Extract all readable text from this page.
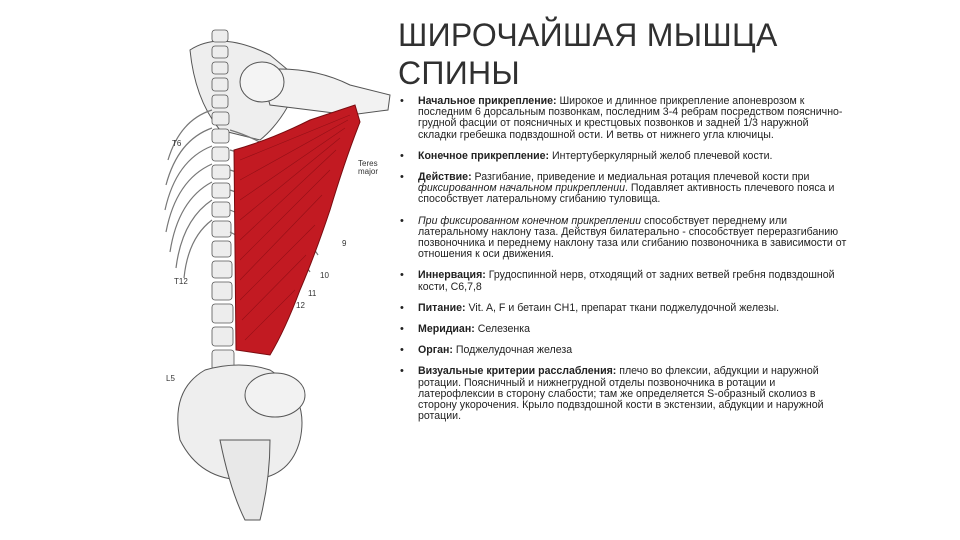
T6
Teres major
T12
L5
9
10
11
12
ШИРОЧАЙШАЯ МЫШЦА
СПИНЫ
• Начальное прикрепление: Широкое и длинное прикрепление апоневрозом к последним 6 дорсальным позвонкам, последним 3-4 ребрам посредством пояснично-грудной фасции от поясничных и крестцовых позвонков и задней 1/3 наружной складки гребешка подвздошной ости. И ветвь от нижнего угла ключицы.
• Конечное прикрепление: Интертуберкулярный желоб плечевой кости.
• Действие: Разгибание, приведение и медиальная ротация плечевой кости при фиксированном начальном прикреплении. Подавляет активность плечевого пояса и способствует латеральному сгибанию туловища.
• При фиксированном конечном прикреплении способствует переднему или латеральному наклону таза. Действуя билатерально - способствует переразгибанию позвоночника и переднему наклону таза или сгибанию позвоночника в зависимости от отношения к оси движения.
• Иннервация: Грудоспинной нерв, отходящий от задних ветвей гребня подвздошной кости, C6,7,8
• Питание: Vit. A, F и бетаин CH1, препарат ткани поджелудочной железы.
• Меридиан: Селезенка
• Орган: Поджелудочная железа
• Визуальные критерии расслабления: плечо во флексии, абдукции и наружной ротации. Поясничный и нижнегрудной отделы позвоночника в ротации и латерофлексии в сторону слабости; там же определяется S-образный сколиоз в сторону укорочения. Крыло подвздошной кости в экстензии, абдукции и наружной ротации.
